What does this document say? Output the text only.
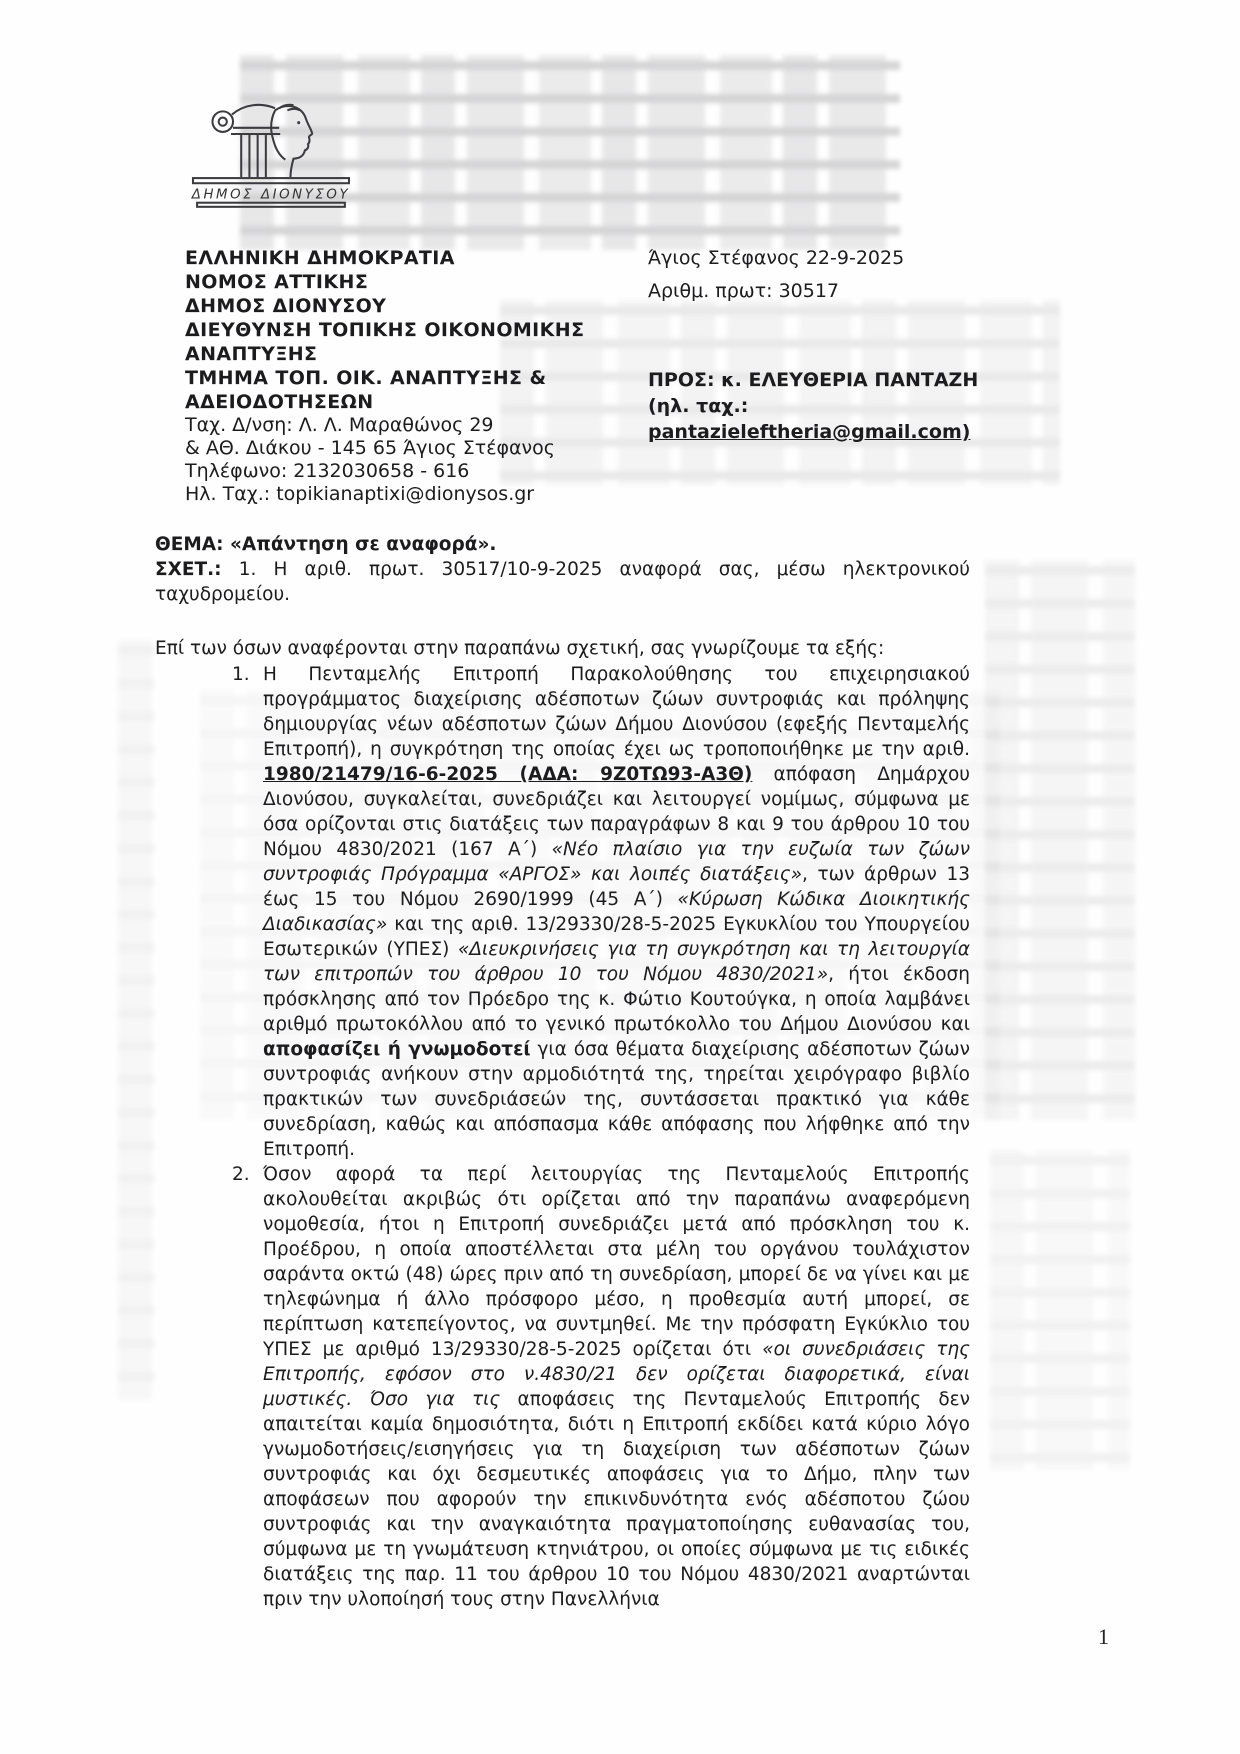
ΔΗΜΟΣ ΔΙΟΝΥΣΟΥ
ΕΛΛΗΝΙΚΗ ΔΗΜΟΚΡΑΤΙΑ
ΝΟΜΟΣ ΑΤΤΙΚΗΣ
ΔΗΜΟΣ ΔΙΟΝΥΣΟΥ
ΔΙΕΥΘΥΝΣΗ ΤΟΠΙΚΗΣ ΟΙΚΟΝΟΜΙΚΗΣ
ΑΝΑΠΤΥΞΗΣ
ΤΜΗΜΑ ΤΟΠ. ΟΙΚ. ΑΝΑΠΤΥΞΗΣ &
ΑΔΕΙΟΔΟΤΗΣΕΩΝ
Ταχ. Δ/νση: Λ. Λ. Μαραθώνος 29
& ΑΘ. Διάκου - 145 65 Άγιος Στέφανος
Τηλέφωνο: 2132030658 - 616
Ηλ. Ταχ.: topikianaptixi@dionysos.gr
Άγιος Στέφανος 22-9-2025
Αριθμ. πρωτ: 30517
ΠΡΟΣ: κ. ΕΛΕΥΘΕΡΙΑ ΠΑΝΤΑΖΗ
(ηλ. ταχ.:
pantazieleftheria@gmail.com)
ΘΕΜΑ: «Απάντηση σε αναφορά».
ΣΧΕΤ.: 1. Η αριθ. πρωτ. 30517/10-9-2025 αναφορά σας, μέσω ηλεκτρονικού ταχυδρομείου.
Επί των όσων αναφέρονται στην παραπάνω σχετική, σας γνωρίζουμε τα εξής:
1. Η Πενταμελής Επιτροπή Παρακολούθησης του επιχειρησιακού προγράμματος διαχείρισης αδέσποτων ζώων συντροφιάς και πρόληψης δημιουργίας νέων αδέσποτων ζώων Δήμου Διονύσου (εφεξής Πενταμελής Επιτροπή), η συγκρότηση της οποίας έχει ως τροποποιήθηκε με την αριθ. 1980/21479/16-6-2025 (ΑΔΑ: 9Ζ0ΤΩ93-Α3Θ) απόφαση Δημάρχου Διονύσου, συγκαλείται, συνεδριάζει και λειτουργεί νομίμως, σύμφωνα με όσα ορίζονται στις διατάξεις των παραγράφων 8 και 9 του άρθρου 10 του Νόμου 4830/2021 (167 Α΄) «Νέο πλαίσιο για την ευζωία των ζώων συντροφιάς Πρόγραμμα «ΑΡΓΟΣ» και λοιπές διατάξεις», των άρθρων 13 έως 15 του Νόμου 2690/1999 (45 Α΄) «Κύρωση Κώδικα Διοικητικής Διαδικασίας» και της αριθ. 13/29330/28-5-2025 Εγκυκλίου του Υπουργείου Εσωτερικών (ΥΠΕΣ) «Διευκρινήσεις για τη συγκρότηση και τη λειτουργία των επιτροπών του άρθρου 10 του Νόμου 4830/2021», ήτοι έκδοση πρόσκλησης από τον Πρόεδρο της κ. Φώτιο Κουτούγκα, η οποία λαμβάνει αριθμό πρωτοκόλλου από το γενικό πρωτόκολλο του Δήμου Διονύσου και αποφασίζει ή γνωμοδοτεί για όσα θέματα διαχείρισης αδέσποτων ζώων συντροφιάς ανήκουν στην αρμοδιότητά της, τηρείται χειρόγραφο βιβλίο πρακτικών των συνεδριάσεών της, συντάσσεται πρακτικό για κάθε συνεδρίαση, καθώς και απόσπασμα κάθε απόφασης που λήφθηκε από την Επιτροπή.
2. Όσον αφορά τα περί λειτουργίας της Πενταμελούς Επιτροπής ακολουθείται ακριβώς ότι ορίζεται από την παραπάνω αναφερόμενη νομοθεσία, ήτοι η Επιτροπή συνεδριάζει μετά από πρόσκληση του κ. Προέδρου, η οποία αποστέλλεται στα μέλη του οργάνου τουλάχιστον σαράντα οκτώ (48) ώρες πριν από τη συνεδρίαση, μπορεί δε να γίνει και με τηλεφώνημα ή άλλο πρόσφορο μέσο, η προθεσμία αυτή μπορεί, σε περίπτωση κατεπείγοντος, να συντμηθεί. Με την πρόσφατη Εγκύκλιο του ΥΠΕΣ με αριθμό 13/29330/28-5-2025 ορίζεται ότι «οι συνεδριάσεις της Επιτροπής, εφόσον στο ν.4830/21 δεν ορίζεται διαφορετικά, είναι μυστικές. Όσο για τις αποφάσεις της Πενταμελούς Επιτροπής δεν απαιτείται καμία δημοσιότητα, διότι η Επιτροπή εκδίδει κατά κύριο λόγο γνωμοδοτήσεις/εισηγήσεις για τη διαχείριση των αδέσποτων ζώων συντροφιάς και όχι δεσμευτικές αποφάσεις για το Δήμο, πλην των αποφάσεων που αφορούν την επικινδυνότητα ενός αδέσποτου ζώου συντροφιάς και την αναγκαιότητα πραγματοποίησης ευθανασίας του, σύμφωνα με τη γνωμάτευση κτηνιάτρου, οι οποίες σύμφωνα με τις ειδικές διατάξεις της παρ. 11 του άρθρου 10 του Νόμου 4830/2021 αναρτώνται πριν την υλοποίησή τους στην Πανελλήνια
1
